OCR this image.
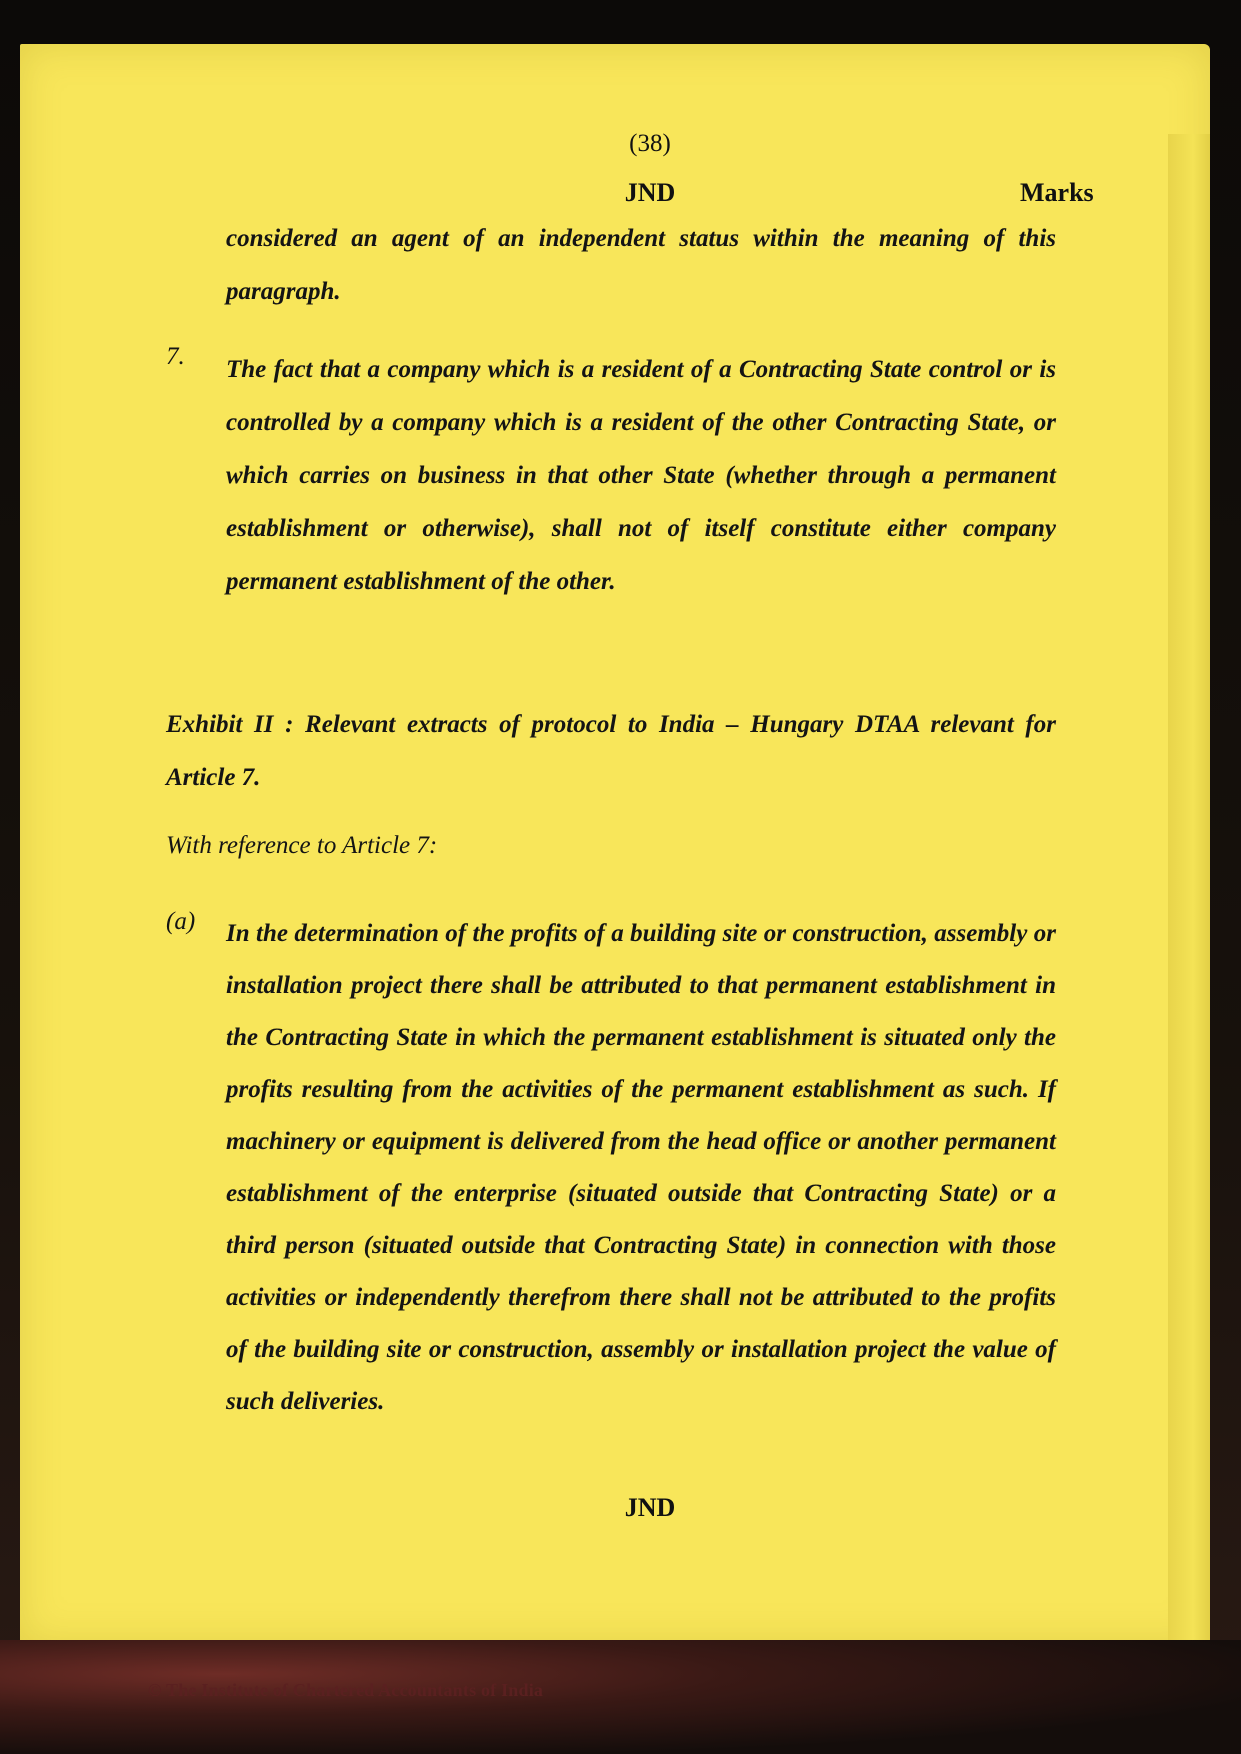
(38)
JND	Marks
considered an agent of an independent status within the meaning of this
paragraph.
7. The fact that a company which is a resident of a Contracting State control or is controlled by a company which is a resident of the other Contracting State, or which carries on business in that other State (whether through a permanent establishment or otherwise), shall not of itself constitute either company permanent establishment of the other.
Exhibit II : Relevant extracts of protocol to India – Hungary DTAA relevant for Article 7.
With reference to Article 7:
(a) In the determination of the profits of a building site or construction, assembly or installation project there shall be attributed to that permanent establishment in the Contracting State in which the permanent establishment is situated only the profits resulting from the activities of the permanent establishment as such. If machinery or equipment is delivered from the head office or another permanent establishment of the enterprise (situated outside that Contracting State) or a third person (situated outside that Contracting State) in connection with those activities or independently therefrom there shall not be attributed to the profits of the building site or construction, assembly or installation project the value of such deliveries.
JND
© The Institute of Chartered Accountants of India
